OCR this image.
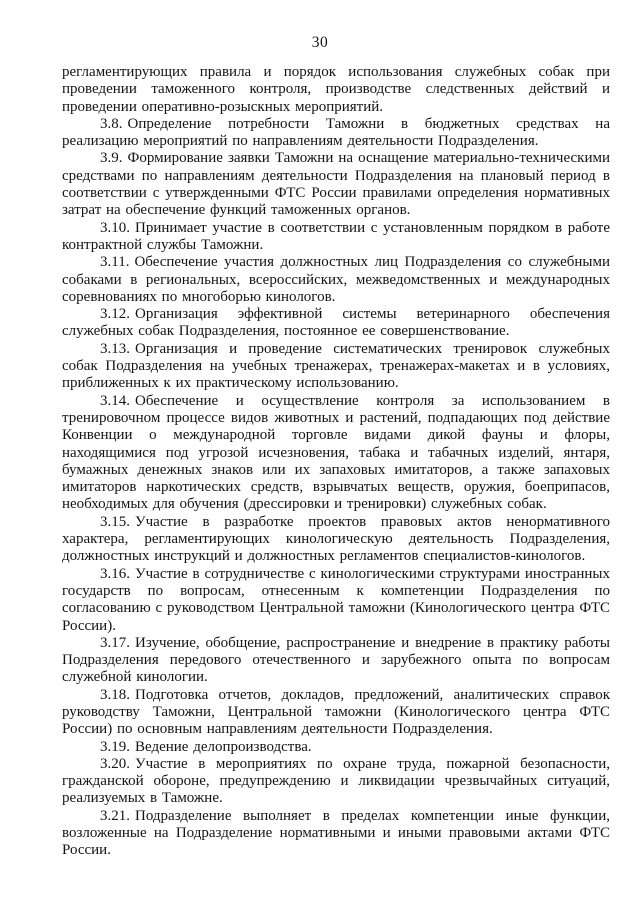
30

регламентирующих правила и порядок использования служебных собак при проведении таможенного контроля, производстве следственных действий и проведении оперативно-розыскных мероприятий.

3.8. Определение потребности Таможни в бюджетных средствах на реализацию мероприятий по направлениям деятельности Подразделения.

3.9. Формирование заявки Таможни на оснащение материально-техническими средствами по направлениям деятельности Подразделения на плановый период в соответствии с утвержденными ФТС России правилами определения нормативных затрат на обеспечение функций таможенных органов.

3.10. Принимает участие в соответствии с установленным порядком в работе контрактной службы Таможни.

3.11. Обеспечение участия должностных лиц Подразделения со служебными собаками в региональных, всероссийских, межведомственных и международных соревнованиях по многоборью кинологов.

3.12. Организация эффективной системы ветеринарного обеспечения служебных собак Подразделения, постоянное ее совершенствование.

3.13. Организация и проведение систематических тренировок служебных собак Подразделения на учебных тренажерах, тренажерах-макетах и в условиях, приближенных к их практическому использованию.

3.14. Обеспечение и осуществление контроля за использованием в тренировочном процессе видов животных и растений, подпадающих под действие Конвенции о международной торговле видами дикой фауны и флоры, находящимися под угрозой исчезновения, табака и табачных изделий, янтаря, бумажных денежных знаков или их запаховых имитаторов, а также запаховых имитаторов наркотических средств, взрывчатых веществ, оружия, боеприпасов, необходимых для обучения (дрессировки и тренировки) служебных собак.

3.15. Участие в разработке проектов правовых актов ненормативного характера, регламентирующих кинологическую деятельность Подразделения, должностных инструкций и должностных регламентов специалистов-кинологов.

3.16. Участие в сотрудничестве с кинологическими структурами иностранных государств по вопросам, отнесенным к компетенции Подразделения по согласованию с руководством Центральной таможни (Кинологического центра ФТС России).

3.17. Изучение, обобщение, распространение и внедрение в практику работы Подразделения передового отечественного и зарубежного опыта по вопросам служебной кинологии.

3.18. Подготовка отчетов, докладов, предложений, аналитических справок руководству Таможни, Центральной таможни (Кинологического центра ФТС России) по основным направлениям деятельности Подразделения.

3.19. Ведение делопроизводства.

3.20. Участие в мероприятиях по охране труда, пожарной безопасности, гражданской обороне, предупреждению и ликвидации чрезвычайных ситуаций, реализуемых в Таможне.

3.21. Подразделение выполняет в пределах компетенции иные функции, возложенные на Подразделение нормативными и иными правовыми актами ФТС России.
